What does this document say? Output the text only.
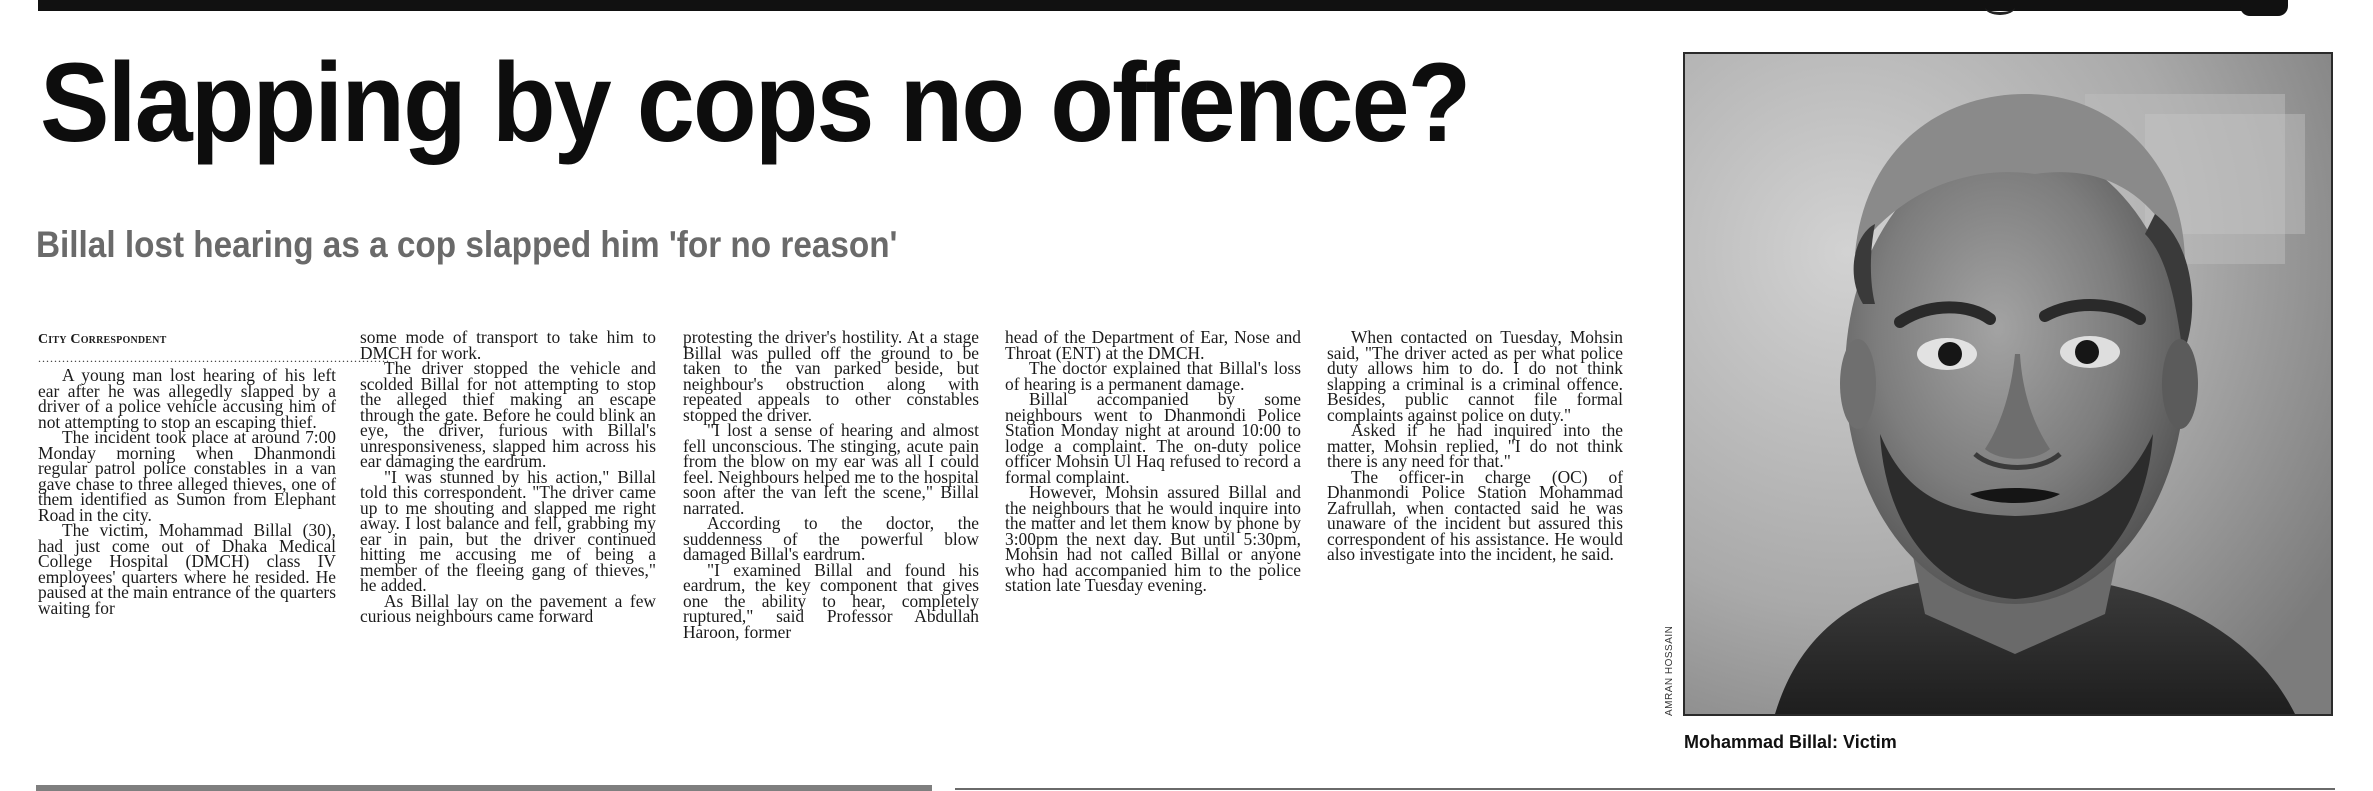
Slapping by cops no offence?
Billal lost hearing as a cop slapped him 'for no reason'
City Correspondent
........................................................................................

A young man lost hearing of his left ear after he was allegedly slapped by a driver of a police vehicle accusing him of not attempting to stop an escaping thief.

The incident took place at around 7:00 Monday morning when Dhanmondi regular patrol police constables in a van gave chase to three alleged thieves, one of them identified as Sumon from Elephant Road in the city.

The victim, Mohammad Billal (30), had just come out of Dhaka Medical College Hospital (DMCH) class IV employees' quarters where he resided. He paused at the main entrance of the quarters waiting for

some mode of transport to take him to DMCH for work.

The driver stopped the vehicle and scolded Billal for not attempting to stop the alleged thief making an escape through the gate. Before he could blink an eye, the driver, furious with Billal's unresponsiveness, slapped him across his ear damaging the eardrum.

"I was stunned by his action," Billal told this correspondent. "The driver came up to me shouting and slapped me right away. I lost balance and fell, grabbing my ear in pain, but the driver continued hitting me accusing me of being a member of the fleeing gang of thieves," he added.

As Billal lay on the pavement a few curious neighbours came forward

protesting the driver's hostility. At a stage Billal was pulled off the ground to be taken to the van parked beside, but neighbour's obstruction along with repeated appeals to other constables stopped the driver.

"I lost a sense of hearing and almost fell unconscious. The stinging, acute pain from the blow on my ear was all I could feel. Neighbours helped me to the hospital soon after the van left the scene," Billal narrated.

According to the doctor, the suddenness of the powerful blow damaged Billal's eardrum.

"I examined Billal and found his eardrum, the key component that gives one the ability to hear, completely ruptured," said Professor Abdullah Haroon, former

head of the Department of Ear, Nose and Throat (ENT) at the DMCH.

The doctor explained that Billal's loss of hearing is a permanent damage.

Billal accompanied by some neighbours went to Dhanmondi Police Station Monday night at around 10:00 to lodge a complaint. The on-duty police officer Mohsin Ul Haq refused to record a formal complaint.

However, Mohsin assured Billal and the neighbours that he would inquire into the matter and let them know by phone by 3:00pm the next day. But until 5:30pm, Mohsin had not called Billal or anyone who had accompanied him to the police station late Tuesday evening.

When contacted on Tuesday, Mohsin said, "The driver acted as per what police duty allows him to do. I do not think slapping a criminal is a criminal offence. Besides, public cannot file formal complaints against police on duty."

Asked if he had inquired into the matter, Mohsin replied, "I do not think there is any need for that."

The officer-in charge (OC) of Dhanmondi Police Station Mohammad Zafrullah, when contacted said he was unaware of the incident but assured this correspondent of his assistance. He would also investigate into the incident, he said.

AMRAN HOSSAIN
Mohammad Billal: Victim
